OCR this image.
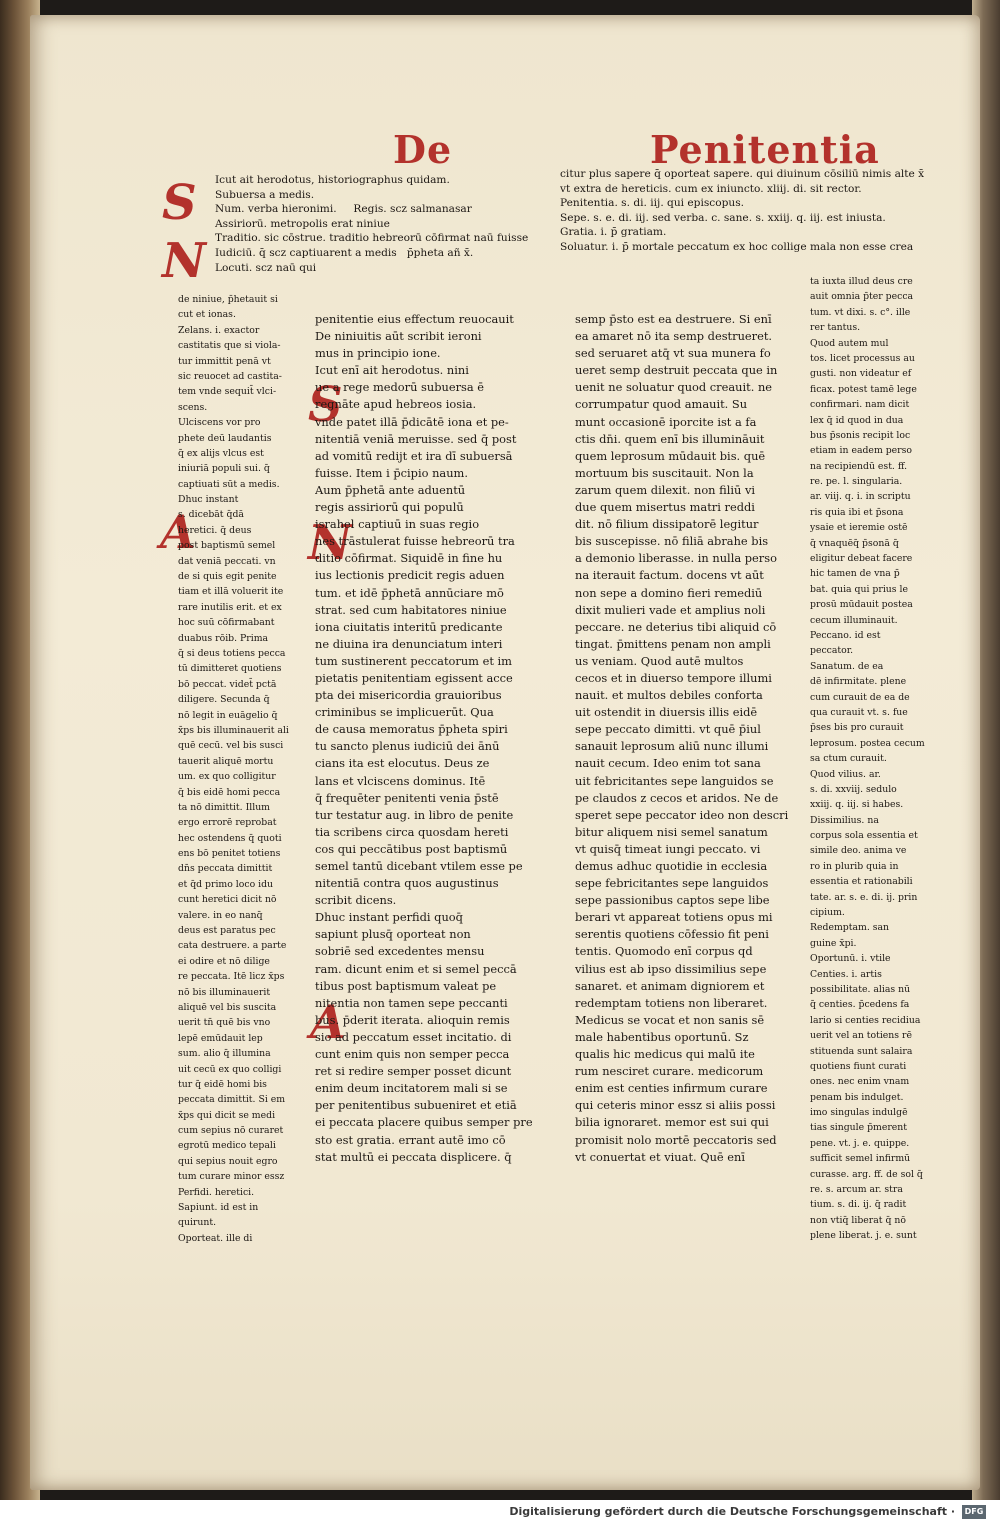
De	Penitentia
S
N
A
S
N
A
Icut ait herodotus, historiographus quidam.
Subuersa a medis.
Num. verba hieronimi.     Regis. scz salmanasar
Assiriorū. metropolis erat niniue
Traditio. sic cōstrue. traditio hebreorū cōfirmat naū fuisse
Iudiciū. q̄ scz captiuarent a medis   p̄pheta añ x̄.
Locuti. scz naū qui
citur plus sapere q̄ oporteat sapere. qui diuinum cōsiliū nimis alte x̄
vt extra de hereticis. cum ex iniuncto. xliij. di. sit rector.
Penitentia. s. di. iij. qui episcopus.
Sepe. s. e. di. iij. sed verba. c. sane. s. xxiij. q. iij. est iniusta.
Gratia. i. p̄ gratiam.
Soluatur. i. p̄ mortale peccatum ex hoc collige mala non esse crea
de niniue, p̄hetauit si
cut et ionas.
Zelans. i. exactor
castitatis que si viola-
tur immittit penā vt
sic reuocet ad castita-
tem vnde sequit̄ vlci-
scens.
Ulciscens vor pro
phete deū laudantis
q̄ ex alijs vlcus est
iniuriā populi sui. q̄
captiuati sūt a medis.
Dhuc instant
s. dicebāt q̄dā
heretici. q̄ deus
post baptismū semel
dat veniā peccati. vn
de si quis egit penite
tiam et illā voluerit ite
rare inutilis erit. et ex
hoc suū cōfirmabant
duabus rōib. Prima
q̄ si deus totiens pecca
tū dimitteret quotiens
bō peccat. videt̄ pctā
diligere. Secunda q̄
nō legit in euāgelio q̄
x̄ps bis illuminauerit ali
quē cecū. vel bis susci
tauerit aliquē mortu
um. ex quo colligitur
q̄ bis eidē homi pecca
ta nō dimittit. Illum
ergo errorē reprobat
hec ostendens q̄ quoti
ens bō penitet totiens
dn̄s peccata dimittit
et q̄d primo loco idu
cunt heretici dicit nō
valere. in eo nanq̄
deus est paratus pec
cata destruere. a parte
ei odire et nō dilige
re peccata. Itē licz x̄ps
nō bis illuminauerit
aliquē vel bis suscita
uerit tn̄ quē bis vno
lepē emūdauit lep
sum. alio q̄ illumina
uit cecū ex quo colligi
tur q̄ eidē homi bis
peccata dimittit. Si em
x̄ps qui dicit se medi
cum sepius nō curaret
egrotū medico tepali
qui sepius nouit egro
tum curare minor essz
Perfidi. heretici.
Sapiunt. id est in
quirunt.
Oporteat. ille di
ta iuxta illud deus cre
auit omnia p̄ter pecca
tum. vt dixi. s. c°. ille
rer tantus.
Quod autem mul
tos. licet processus au
gusti. non videatur ef
ficax. potest tamē lege
confirmari. nam dicit
lex q̄ id quod in dua
bus p̄sonis recipit loc
etiam in eadem perso
na recipiendū est. ff.
re. pe. l. singularia.
ar. viij. q. i. in scriptu
ris quia ibi et p̄sona
ysaie et ieremie ostē
q̄ vnaquēq̄ p̄sonā q̄
eligitur debeat facere
hic tamen de vna p̄
bat. quia qui prius le
prosū mūdauit postea
cecum illuminauit.
Peccano. id est
peccator.
Sanatum. de ea
dē infirmitate. plene
cum curauit de ea de
qua curauit vt. s. fue
p̄ses bis pro curauit
leprosum. postea cecum
sa ctum curauit.
Quod vilius. ar.
s. di. xxviij. sedulo
xxiij. q. iij. si habes.
Dissimilius. na
corpus sola essentia et
simile deo. anima ve
ro in plurib quia in
essentia et rationabili
tate. ar. s. e. di. ij. prin
cipium.
Redemptam. san
guine x̄pi.
Oportunū. i. vtile
Centies. i. artis
possibilitate. alias nū
q̄ centies. p̄cedens fa
lario si centies recidiua
uerit vel an totiens rē
stituenda sunt salaira
quotiens fiunt curati
ones. nec enim vnam
penam bis indulget.
imo singulas indulgē
tias singule p̄merent
pene. vt. j. e. quippe.
sufficit semel infirmū
curasse. arg. ff. de sol q̄
re. s. arcum ar. stra
tium. s. di. ij. q̄ radit
non vtiq̄ liberat q̄ nō
plene liberat. j. e. sunt
penitentie eius effectum reuocauit
De niniuitis aūt scribit ieroni
mus in principio ione.
Icut enī ait herodotus. nini
ue a rege medorū subuersa ē
regnāte apud hebreos iosia.
vnde patet illā p̄dicātē iona et pe-
nitentiā veniā meruisse. sed q̄ post
ad vomitū redijt et ira dī subuersā
fuisse. Item i p̄cipio naum.
Aum p̄phetā ante aduentū
regis assiriorū qui populū
israhel captiuū in suas regio
nes trāstulerat fuisse hebreorū tra
ditio cōfirmat. Siquidē in fine hu
ius lectionis predicit regis aduen
tum. et idē p̄phetā annūciare mō
strat. sed cum habitatores niniue
iona ciuitatis interitū predicante
ne diuina ira denunciatum interi
tum sustinerent peccatorum et im
pietatis penitentiam egissent acce
pta dei misericordia grauioribus
criminibus se implicuerūt. Qua
de causa memoratus p̄pheta spiri
tu sancto plenus iudiciū dei ānū
cians ita est elocutus. Deus ze
lans et vlciscens dominus. Itē
q̄ frequēter penitenti venia p̄stē
tur testatur aug. in libro de penite
tia scribens circa quosdam hereti
cos qui peccātibus post baptismū
semel tantū dicebant vtilem esse pe
nitentiā contra quos augustinus
scribit dicens.
Dhuc instant perfidi quoq̄
sapiunt plusq̄ oporteat non
sobriē sed excedentes mensu
ram. dicunt enim et si semel peccā
tibus post baptismum valeat pe
nitentia non tamen sepe peccanti
bus. p̄derit iterata. alioquin remis
sio ad peccatum esset incitatio. di
cunt enim quis non semper pecca
ret si redire semper posset dicunt
enim deum incitatorem mali si se
per penitentibus subueniret et etiā
ei peccata placere quibus semper pre
sto est gratia. errant autē imo cō
stat multū ei peccata displicere. q̄
semp p̄sto est ea destruere. Si enī
ea amaret nō ita semp destrueret.
sed seruaret atq̄ vt sua munera fo
ueret semp destruit peccata que in
uenit ne soluatur quod creauit. ne
corrumpatur quod amauit. Su
munt occasionē iporcite ist a fa
ctis dn̄i. quem enī bis illumināuit
quem leprosum mūdauit bis. quē
mortuum bis suscitauit. Non la
zarum quem dilexit. non filiū vi
due quem misertus matri reddi
dit. nō filium dissipatorē legitur
bis suscepisse. nō filiā abrahe bis
a demonio liberasse. in nulla perso
na iterauit factum. docens vt aūt
non sepe a domino fieri remediū
dixit mulieri vade et amplius noli
peccare. ne deterius tibi aliquid cō
tingat. p̄mittens penam non ampli
us veniam. Quod autē multos
cecos et in diuerso tempore illumi
nauit. et multos debiles conforta
uit ostendit in diuersis illis eidē
sepe peccato dimitti. vt quē p̄iul
sanauit leprosum aliū nunc illumi
nauit cecum. Ideo enim tot sana
uit febricitantes sepe languidos se
pe claudos z cecos et aridos. Ne de
speret sepe peccator ideo non descri
bitur aliquem nisi semel sanatum
vt quisq̄ timeat iungi peccato. vi
demus adhuc quotidie in ecclesia
sepe febricitantes sepe languidos
sepe passionibus captos sepe libe
berari vt appareat totiens opus mi
serentis quotiens cōfessio fit peni
tentis. Quomodo enī corpus qd
vilius est ab ipso dissimilius sepe
sanaret. et animam digniorem et
redemptam totiens non liberaret.
Medicus se vocat et non sanis sē
male habentibus oportunū. Sz
qualis hic medicus qui malū ite
rum nesciret curare. medicorum
enim est centies infirmum curare
qui ceteris minor essz si aliis possi
bilia ignoraret. memor est sui qui
promisit nolo mortē peccatoris sed
vt conuertat et viuat. Quē enī
Digitalisierung gefördert durch die Deutsche Forschungsgemeinschaft ·	DFG
